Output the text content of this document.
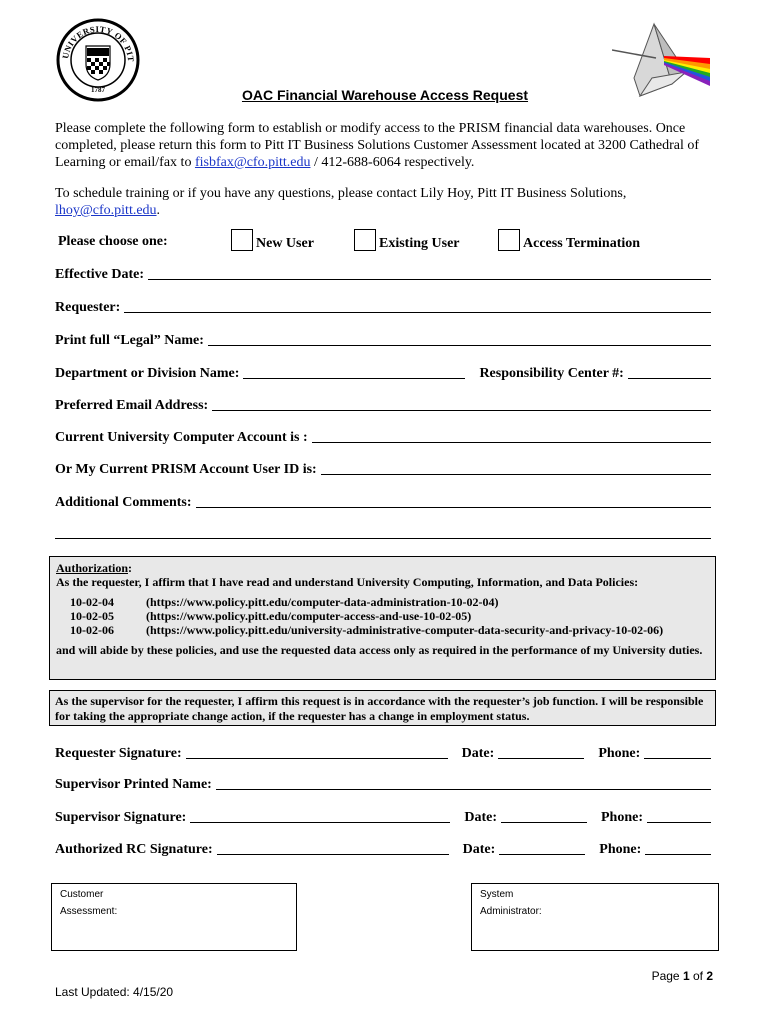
UNIVERSITY OF PIT
1787	OAC Financial Warehouse Access Request
Please complete the following form to establish or modify access to the PRISM financial data warehouses. Once completed, please return this form to Pitt IT Business Solutions Customer Assessment located at 3200 Cathedral of Learning or email/fax to fisbfax@cfo.pitt.edu / 412-688-6064 respectively.
To schedule training or if you have any questions, please contact Lily Hoy, Pitt IT Business Solutions, lhoy@cfo.pitt.edu.
Please choose one:	New User	Existing User	Access Termination
Effective Date:
Requester:
Print full “Legal” Name:
Department or Division Name:	Responsibility Center #:
Preferred Email Address:
Current University Computer Account is :
Or My Current PRISM Account User ID is:
Additional Comments:
Authorization:
As the requester, I affirm that I have read and understand University Computing, Information, and Data Policies:
10-02-04	(https://www.policy.pitt.edu/computer-data-administration-10-02-04)
10-02-05	(https://www.policy.pitt.edu/computer-access-and-use-10-02-05)
10-02-06	(https://www.policy.pitt.edu/university-administrative-computer-data-security-and-privacy-10-02-06)
and will abide by these policies, and use the requested data access only as required in the performance of my University duties.
As the supervisor for the requester, I affirm this request is in accordance with the requester’s job function. I will be responsible for taking the appropriate change action, if the requester has a change in employment status.
Requester Signature:	Date:	Phone:
Supervisor Printed Name:
Supervisor Signature:	Date:	Phone:
Authorized RC Signature:	Date:	Phone:
Customer
Assessment:
System
Administrator:
Page 1 of 2
Last Updated: 4/15/20
